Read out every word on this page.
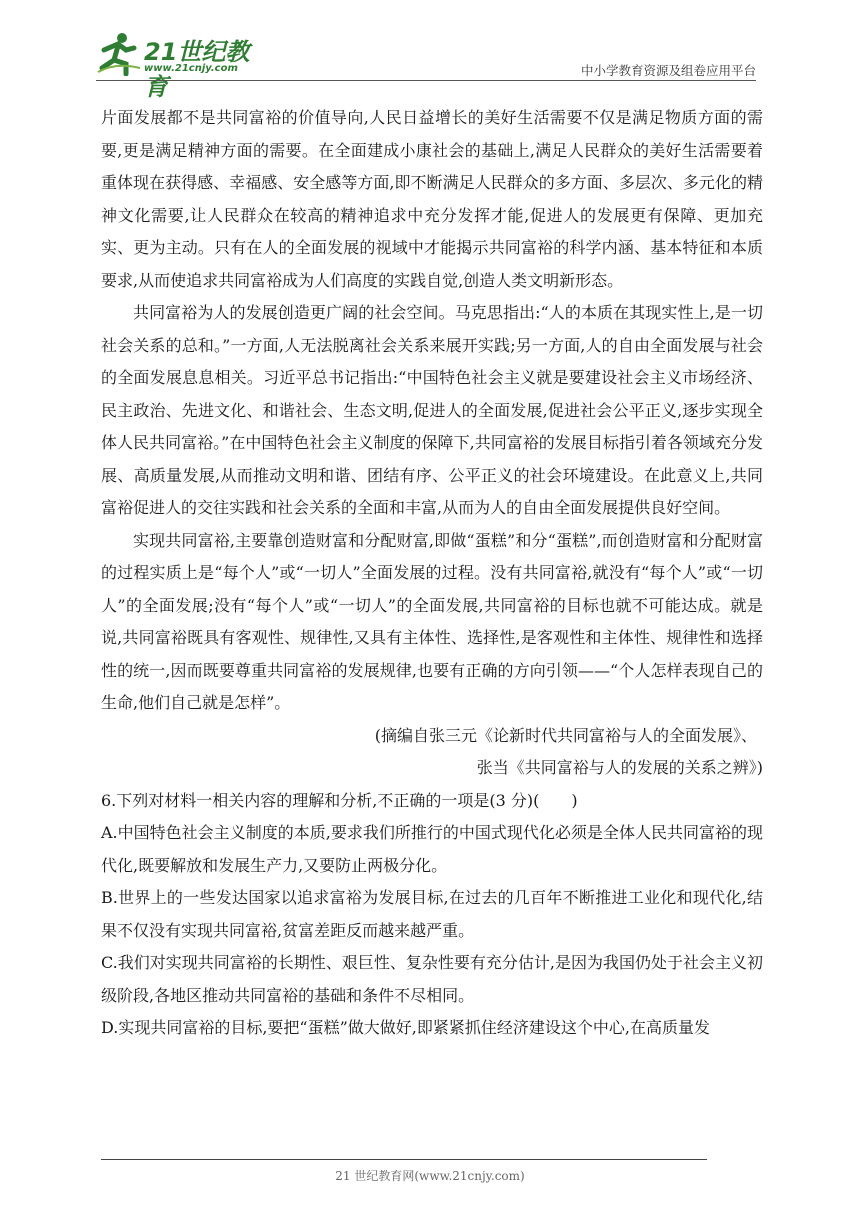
21世纪教育
www.21cnjy.com	中小学教育资源及组卷应用平台

片面发展都不是共同富裕的价值导向,人民日益增长的美好生活需要不仅是满足物质方面的需要,更是满足精神方面的需要。在全面建成小康社会的基础上,满足人民群众的美好生活需要着重体现在获得感、幸福感、安全感等方面,即不断满足人民群众的多方面、多层次、多元化的精神文化需要,让人民群众在较高的精神追求中充分发挥才能,促进人的发展更有保障、更加充实、更为主动。只有在人的全面发展的视域中才能揭示共同富裕的科学内涵、基本特征和本质要求,从而使追求共同富裕成为人们高度的实践自觉,创造人类文明新形态。

共同富裕为人的发展创造更广阔的社会空间。马克思指出:“人的本质在其现实性上,是一切社会关系的总和。”一方面,人无法脱离社会关系来展开实践;另一方面,人的自由全面发展与社会的全面发展息息相关。习近平总书记指出:“中国特色社会主义就是要建设社会主义市场经济、民主政治、先进文化、和谐社会、生态文明,促进人的全面发展,促进社会公平正义,逐步实现全体人民共同富裕。”在中国特色社会主义制度的保障下,共同富裕的发展目标指引着各领域充分发展、高质量发展,从而推动文明和谐、团结有序、公平正义的社会环境建设。在此意义上,共同富裕促进人的交往实践和社会关系的全面和丰富,从而为人的自由全面发展提供良好空间。

实现共同富裕,主要靠创造财富和分配财富,即做“蛋糕”和分“蛋糕”,而创造财富和分配财富的过程实质上是“每个人”或“一切人”全面发展的过程。没有共同富裕,就没有“每个人”或“一切人”的全面发展;没有“每个人”或“一切人”的全面发展,共同富裕的目标也就不可能达成。就是说,共同富裕既具有客观性、规律性,又具有主体性、选择性,是客观性和主体性、规律性和选择性的统一,因而既要尊重共同富裕的发展规律,也要有正确的方向引领——“个人怎样表现自己的生命,他们自己就是怎样”。

(摘编自张三元《论新时代共同富裕与人的全面发展》、

张当《共同富裕与人的发展的关系之辨》)

6.下列对材料一相关内容的理解和分析,不正确的一项是(3 分)(　　)

A.中国特色社会主义制度的本质,要求我们所推行的中国式现代化必须是全体人民共同富裕的现代化,既要解放和发展生产力,又要防止两极分化。

B.世界上的一些发达国家以追求富裕为发展目标,在过去的几百年不断推进工业化和现代化,结果不仅没有实现共同富裕,贫富差距反而越来越严重。

C.我们对实现共同富裕的长期性、艰巨性、复杂性要有充分估计,是因为我国仍处于社会主义初级阶段,各地区推动共同富裕的基础和条件不尽相同。

D.实现共同富裕的目标,要把“蛋糕”做大做好,即紧紧抓住经济建设这个中心,在高质量发

21 世纪教育网(www.21cnjy.com)
